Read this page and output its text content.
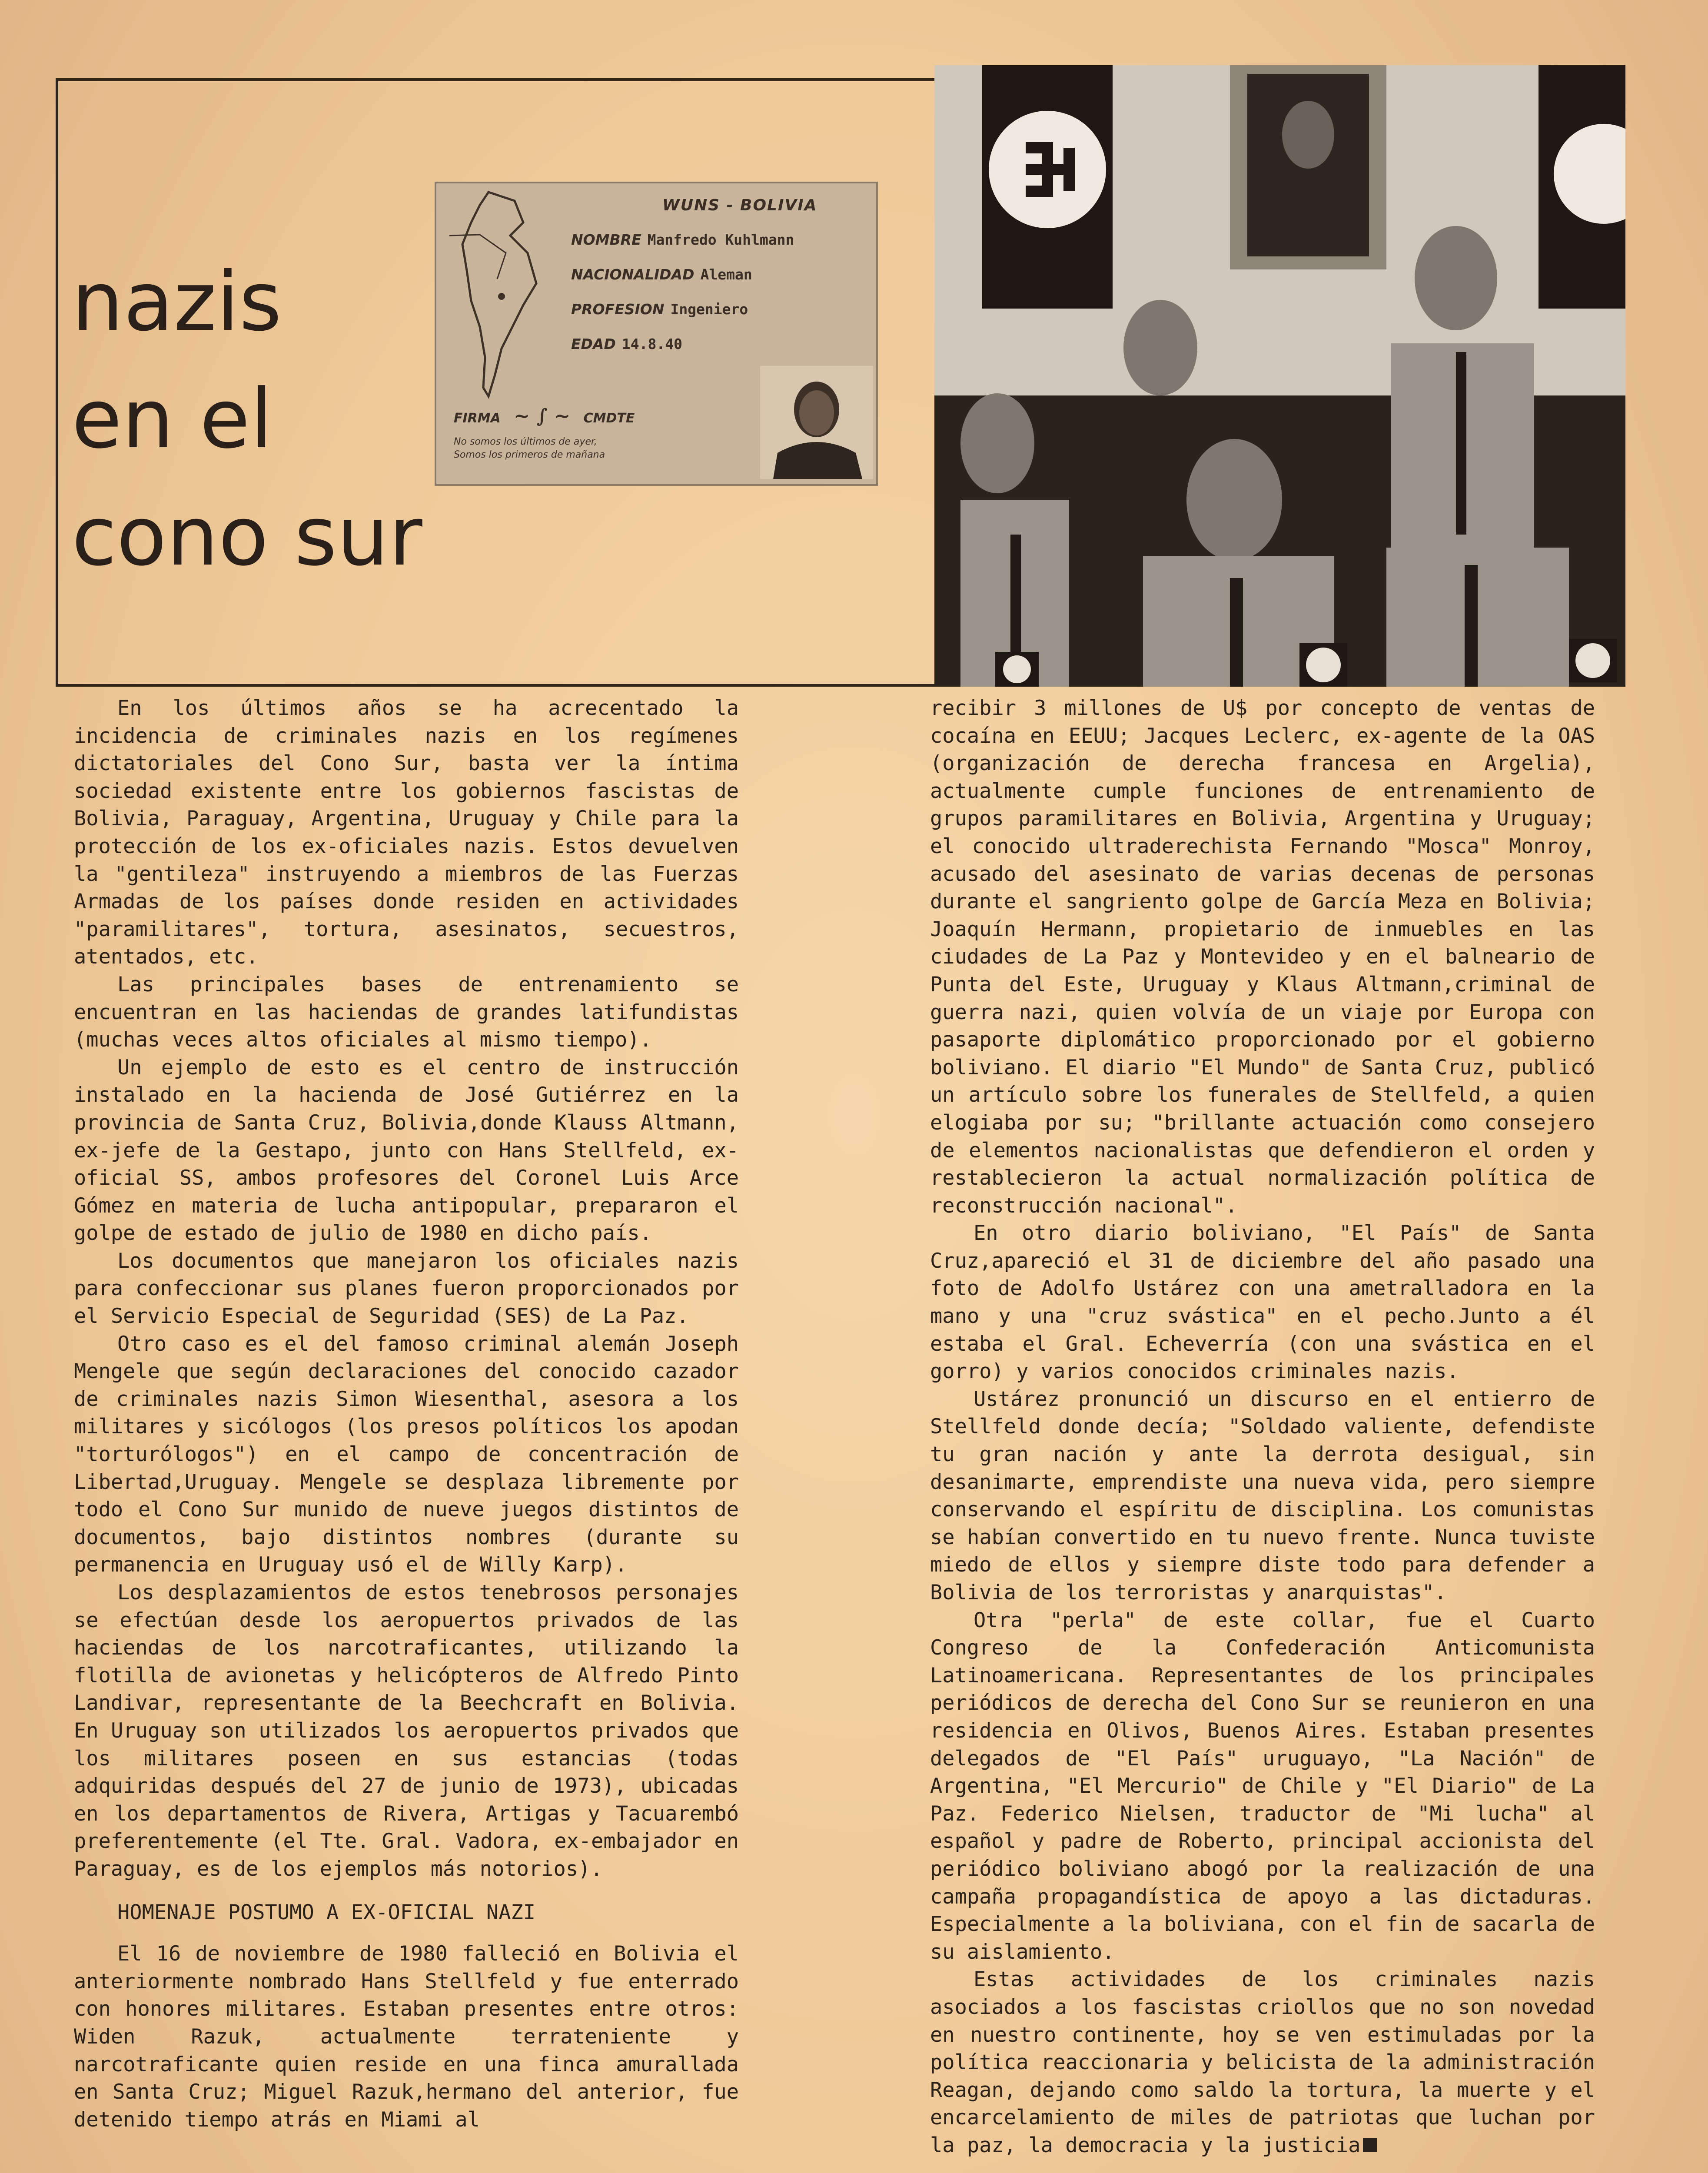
nazis
en el
cono sur
WUNS - BOLIVIA
NOMBRE Manfredo Kuhlmann
NACIONALIDAD Aleman
PROFESION Ingeniero
EDAD 14.8.40
FIRMA ~ ∫ ~ CMDTE
No somos los últimos de ayer,
Somos los primeros de mañana

En los últimos años se ha acrecentado la incidencia de criminales nazis en los regímenes dictatoriales del Cono Sur, basta ver la íntima sociedad existente entre los gobiernos fascistas de Bolivia, Paraguay, Argentina, Uruguay y Chile para la protección de los ex-oficiales nazis. Estos devuelven la "gentileza" instruyendo a miembros de las Fuerzas Armadas de los países donde residen en actividades "paramilitares", tortura, asesinatos, secuestros, atentados, etc.

Las principales bases de entrenamiento se encuentran en las haciendas de grandes latifundistas (muchas veces altos oficiales al mismo tiempo).

Un ejemplo de esto es el centro de instrucción instalado en la hacienda de José Gutiérrez en la provincia de Santa Cruz, Bolivia,donde Klauss Altmann, ex-jefe de la Gestapo, junto con Hans Stellfeld, ex-oficial SS, ambos profesores del Coronel Luis Arce Gómez en materia de lucha antipopular, prepararon el golpe de estado de julio de 1980 en dicho país.

Los documentos que manejaron los oficiales nazis para confeccionar sus planes fueron proporcionados por el Servicio Especial de Seguridad (SES) de La Paz.

Otro caso es el del famoso criminal alemán Joseph Mengele que según declaraciones del conocido cazador de criminales nazis Simon Wiesenthal, asesora a los militares y sicólogos (los presos políticos los apodan "torturólogos") en el campo de concentración de Libertad,Uruguay. Mengele se desplaza libremente por todo el Cono Sur munido de nueve juegos distintos de documentos, bajo distintos nombres (durante su permanencia en Uruguay usó el de Willy Karp).

Los desplazamientos de estos tenebrosos personajes se efectúan desde los aeropuertos privados de las haciendas de los narcotraficantes, utilizando la flotilla de avionetas y helicópteros de Alfredo Pinto Landivar, representante de la Beechcraft en Bolivia. En Uruguay son utilizados los aeropuertos privados que los militares poseen en sus estancias (todas adquiridas después del 27 de junio de 1973), ubicadas en los departamentos de Rivera, Artigas y Tacuarembó preferentemente (el Tte. Gral. Vadora, ex-embajador en Paraguay, es de los ejemplos más notorios).

HOMENAJE POSTUMO A EX-OFICIAL NAZI

El 16 de noviembre de 1980 falleció en Bolivia el anteriormente nombrado Hans Stellfeld y fue enterrado con honores militares. Estaban presentes entre otros: Widen Razuk, actualmente terrateniente y narcotraficante quien reside en una finca amurallada en Santa Cruz; Miguel Razuk,hermano del anterior, fue detenido tiempo atrás en Miami al

recibir 3 millones de U$ por concepto de ventas de cocaína en EEUU; Jacques Leclerc, ex-agente de la OAS (organización de derecha francesa en Argelia), actualmente cumple funciones de entrenamiento de grupos paramilitares en Bolivia, Argentina y Uruguay; el conocido ultraderechista Fernando "Mosca" Monroy, acusado del asesinato de varias decenas de personas durante el sangriento golpe de García Meza en Bolivia; Joaquín Hermann, propietario de inmuebles en las ciudades de La Paz y Montevideo y en el balneario de Punta del Este, Uruguay y Klaus Altmann,criminal de guerra nazi, quien volvía de un viaje por Europa con pasaporte diplomático proporcionado por el gobierno boliviano. El diario "El Mundo" de Santa Cruz, publicó un artículo sobre los funerales de Stellfeld, a quien elogiaba por su; "brillante actuación como consejero de elementos nacionalistas que defendieron el orden y restablecieron la actual normalización política de reconstrucción nacional".

En otro diario boliviano, "El País" de Santa Cruz,apareció el 31 de diciembre del año pasado una foto de Adolfo Ustárez con una ametralladora en la mano y una "cruz svástica" en el pecho.Junto a él estaba el Gral. Echeverría (con una svástica en el gorro) y varios conocidos criminales nazis.

Ustárez pronunció un discurso en el entierro de Stellfeld donde decía; "Soldado valiente, defendiste tu gran nación y ante la derrota desigual, sin desanimarte, emprendiste una nueva vida, pero siempre conservando el espíritu de disciplina. Los comunistas se habían convertido en tu nuevo frente. Nunca tuviste miedo de ellos y siempre diste todo para defender a Bolivia de los terroristas y anarquistas".

Otra "perla" de este collar, fue el Cuarto Congreso de la Confederación Anticomunista Latinoamericana. Representantes de los principales periódicos de derecha del Cono Sur se reunieron en una residencia en Olivos, Buenos Aires. Estaban presentes delegados de "El País" uruguayo, "La Nación" de Argentina, "El Mercurio" de Chile y "El Diario" de La Paz. Federico Nielsen, traductor de "Mi lucha" al español y padre de Roberto, principal accionista del periódico boliviano abogó por la realización de una campaña propagandística de apoyo a las dictaduras. Especialmente a la boliviana, con el fin de sacarla de su aislamiento.

Estas actividades de los criminales nazis asociados a los fascistas criollos que no son novedad en nuestro continente, hoy se ven estimuladas por la política reaccionaria y belicista de la administración Reagan, dejando como saldo la tortura, la muerte y el encarcelamiento de miles de patriotas que luchan por la paz, la democracia y la justicia
